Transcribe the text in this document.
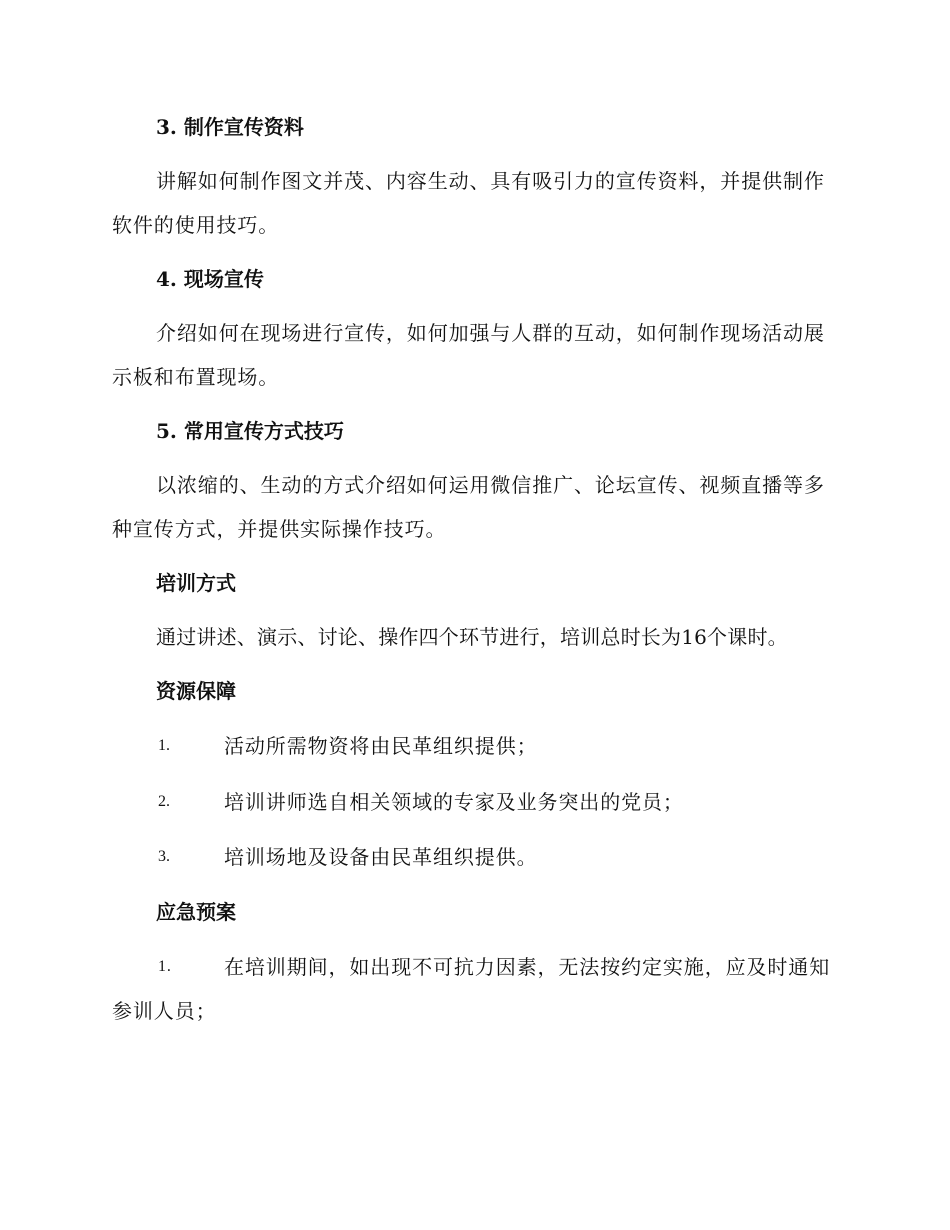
3. 制作宣传资料

讲解如何制作图文并茂、内容生动、具有吸引力的宣传资料，并提供制作软件的使用技巧。

4. 现场宣传

介绍如何在现场进行宣传，如何加强与人群的互动，如何制作现场活动展示板和布置现场。

5. 常用宣传方式技巧

以浓缩的、生动的方式介绍如何运用微信推广、论坛宣传、视频直播等多种宣传方式，并提供实际操作技巧。

培训方式

通过讲述、演示、讨论、操作四个环节进行，培训总时长为16个课时。

资源保障

1.	活动所需物资将由民革组织提供；
2.	培训讲师选自相关领域的专家及业务突出的党员；
3.	培训场地及设备由民革组织提供。

应急预案

1.	在培训期间，如出现不可抗力因素，无法按约定实施，应及时通知参训人员；
